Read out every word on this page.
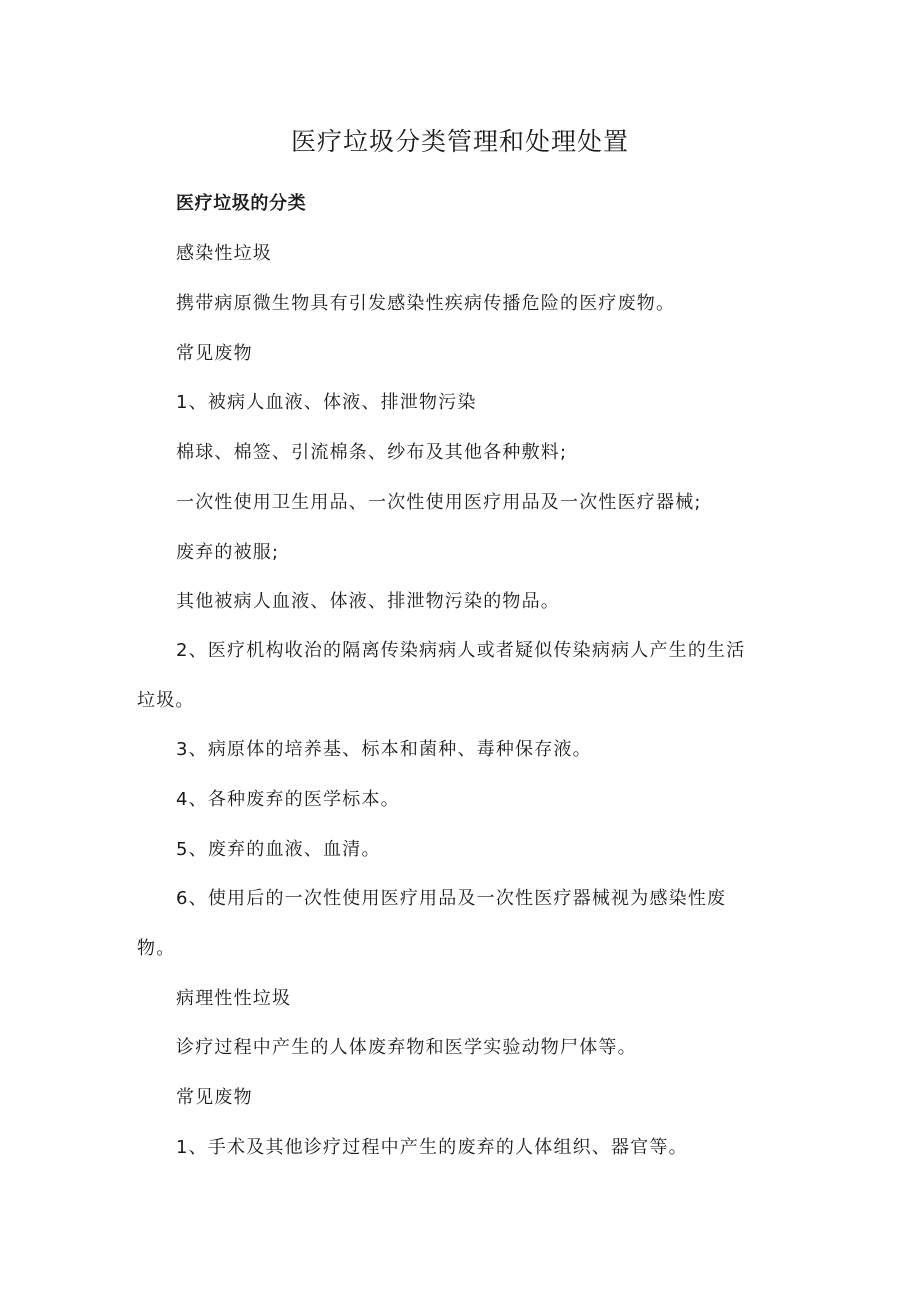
医疗垃圾分类管理和处理处置
医疗垃圾的分类
感染性垃圾
携带病原微生物具有引发感染性疾病传播危险的医疗废物。
常见废物
1、被病人血液、体液、排泄物污染
棉球、棉签、引流棉条、纱布及其他各种敷料;
一次性使用卫生用品、一次性使用医疗用品及一次性医疗器械;
废弃的被服;
其他被病人血液、体液、排泄物污染的物品。
2、医疗机构收治的隔离传染病病人或者疑似传染病病人产生的生活
垃圾。
3、病原体的培养基、标本和菌种、毒种保存液。
4、各种废弃的医学标本。
5、废弃的血液、血清。
6、使用后的一次性使用医疗用品及一次性医疗器械视为感染性废
物。
病理性性垃圾
诊疗过程中产生的人体废弃物和医学实验动物尸体等。
常见废物
1、手术及其他诊疗过程中产生的废弃的人体组织、器官等。
